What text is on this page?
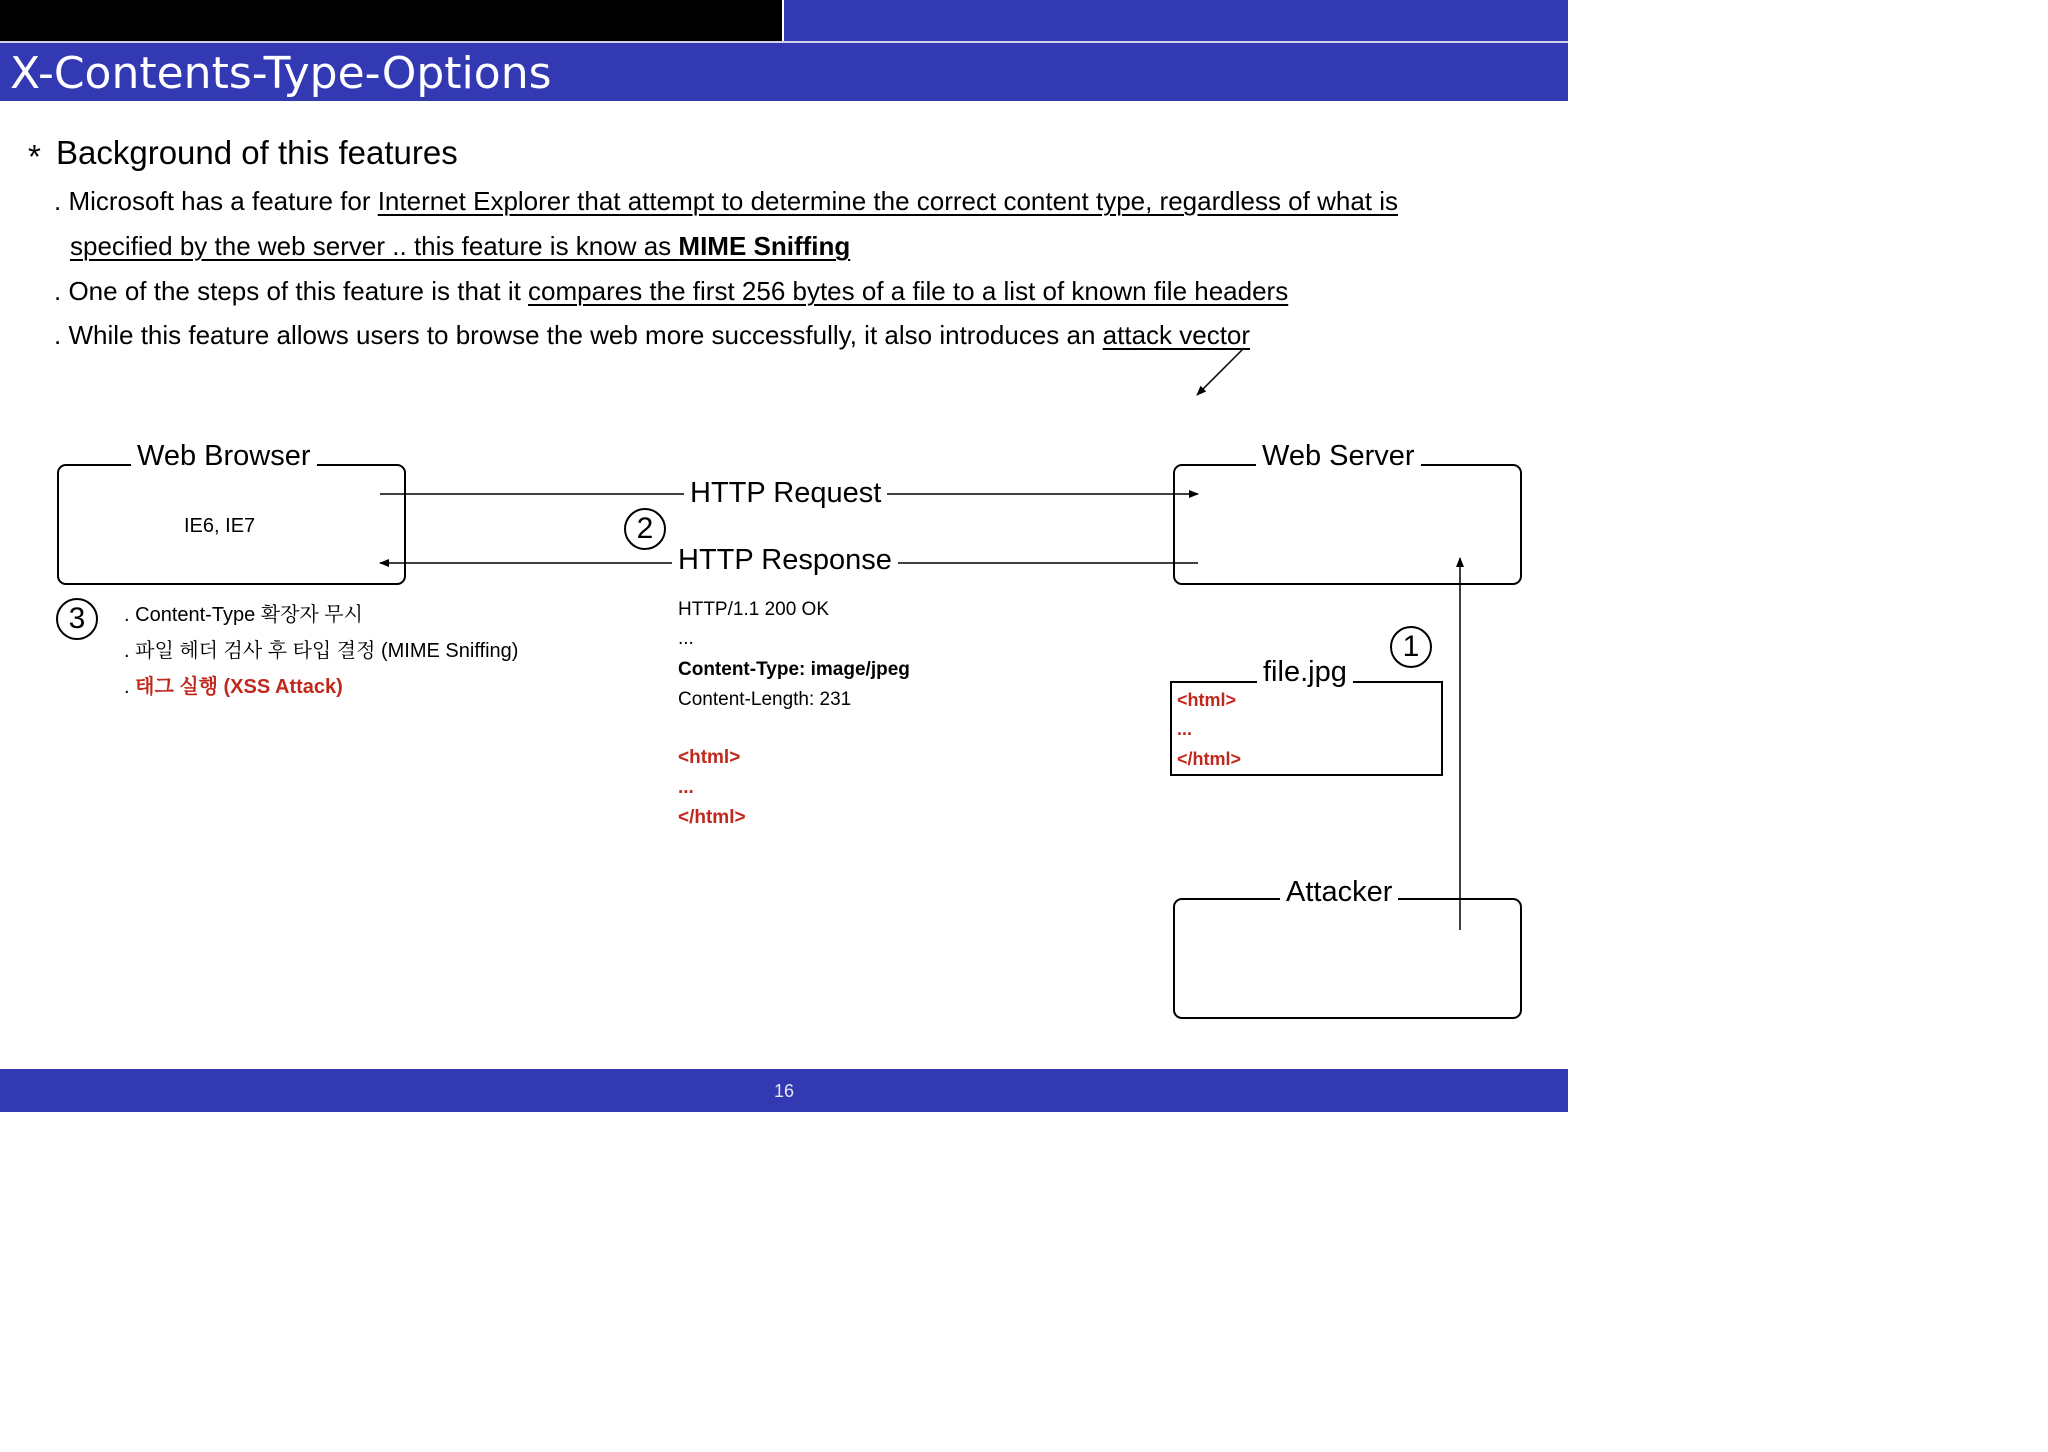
X-Contents-Type-Options
* Background of this features
. Microsoft has a feature for Internet Explorer that attempt to determine the correct content type, regardless of what is
specified by the web server .. this feature is know as MIME Sniffing
. One of the steps of this feature is that it compares the first 256 bytes of a file to a list of known file headers
. While this feature allows users to browse the web more successfully, it also introduces an attack vector
Web Browser	Web Server
Attacker
file.jpg
IE6, IE7
HTTP Request
HTTP Response
1
2
3	. Content-Type 확장자 무시
. 파일 헤더 검사 후 타입 결정 (MIME Sniffing)
. 태그 실행 (XSS Attack)
HTTP/1.1 200 OK
...
Content-Type: image/jpeg
Content-Length: 231
<html>
...
</html>
<html>
...
</html>
16
